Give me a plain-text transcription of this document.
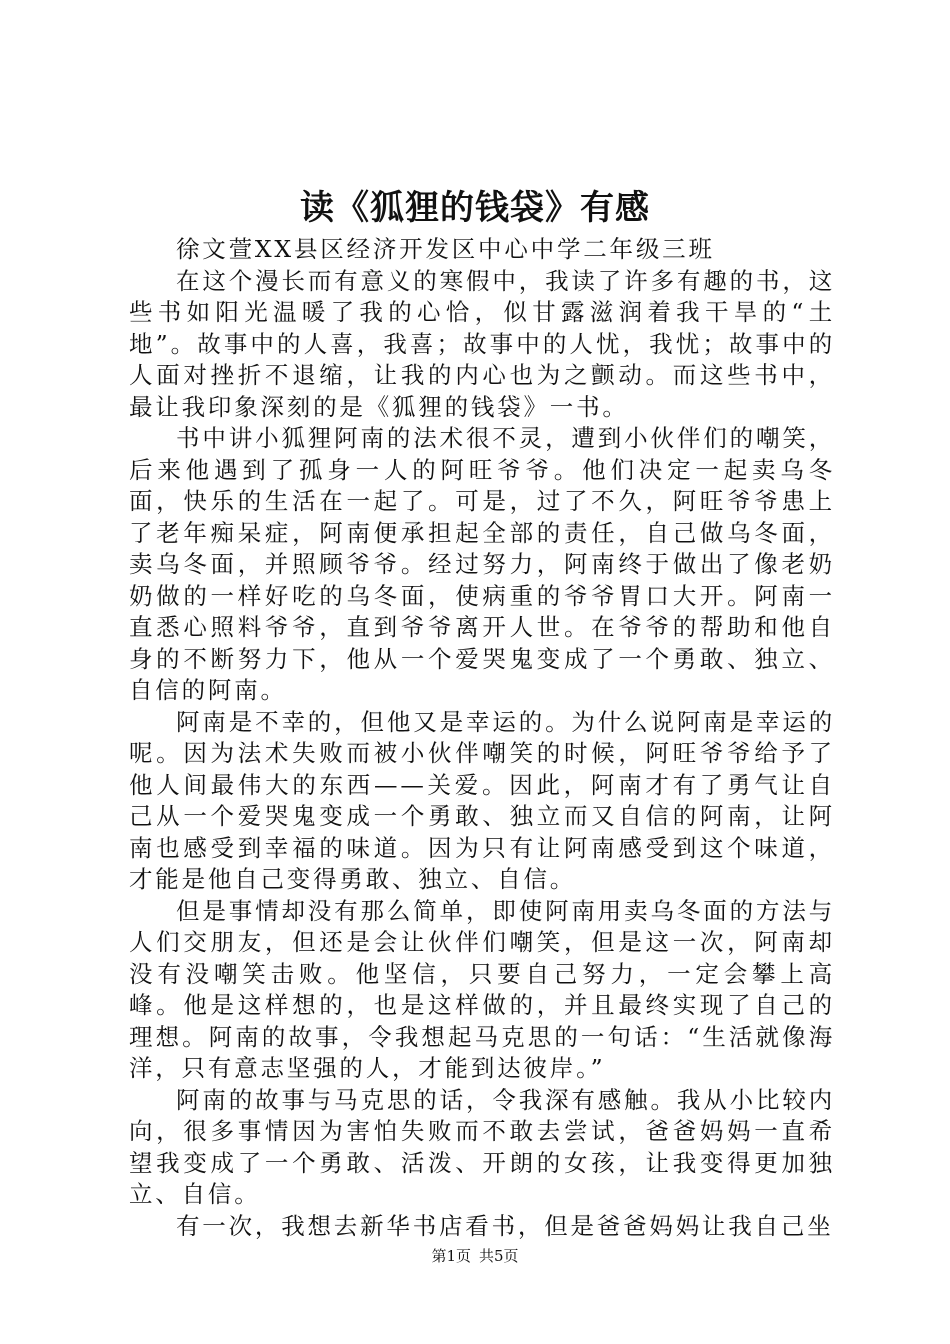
读《狐狸的钱袋》有感

徐文萱XX县区经济开发区中心中学二年级三班

在这个漫长而有意义的寒假中，我读了许多有趣的书，这些书如阳光温暖了我的心恰，似甘露滋润着我干旱的“土地”。故事中的人喜，我喜；故事中的人忧，我忧；故事中的人面对挫折不退缩，让我的内心也为之颤动。而这些书中，最让我印象深刻的是《狐狸的钱袋》一书。

书中讲小狐狸阿南的法术很不灵，遭到小伙伴们的嘲笑，后来他遇到了孤身一人的阿旺爷爷。他们决定一起卖乌冬面，快乐的生活在一起了。可是，过了不久，阿旺爷爷患上了老年痴呆症，阿南便承担起全部的责任，自己做乌冬面，卖乌冬面，并照顾爷爷。经过努力，阿南终于做出了像老奶奶做的一样好吃的乌冬面，使病重的爷爷胃口大开。阿南一直悉心照料爷爷，直到爷爷离开人世。在爷爷的帮助和他自身的不断努力下，他从一个爱哭鬼变成了一个勇敢、独立、自信的阿南。

阿南是不幸的，但他又是幸运的。为什么说阿南是幸运的呢。因为法术失败而被小伙伴嘲笑的时候，阿旺爷爷给予了他人间最伟大的东西——关爱。因此，阿南才有了勇气让自己从一个爱哭鬼变成一个勇敢、独立而又自信的阿南，让阿南也感受到幸福的味道。因为只有让阿南感受到这个味道，才能是他自己变得勇敢、独立、自信。

但是事情却没有那么简单，即使阿南用卖乌冬面的方法与人们交朋友，但还是会让伙伴们嘲笑，但是这一次，阿南却没有没嘲笑击败。他坚信，只要自己努力，一定会攀上高峰。他是这样想的，也是这样做的，并且最终实现了自己的理想。阿南的故事，令我想起马克思的一句话：“生活就像海洋，只有意志坚强的人，才能到达彼岸。”

阿南的故事与马克思的话，令我深有感触。我从小比较内向，很多事情因为害怕失败而不敢去尝试，爸爸妈妈一直希望我变成了一个勇敢、活泼、开朗的女孩，让我变得更加独立、自信。

有一次，我想去新华书店看书，但是爸爸妈妈让我自己坐

第1页 共5页
